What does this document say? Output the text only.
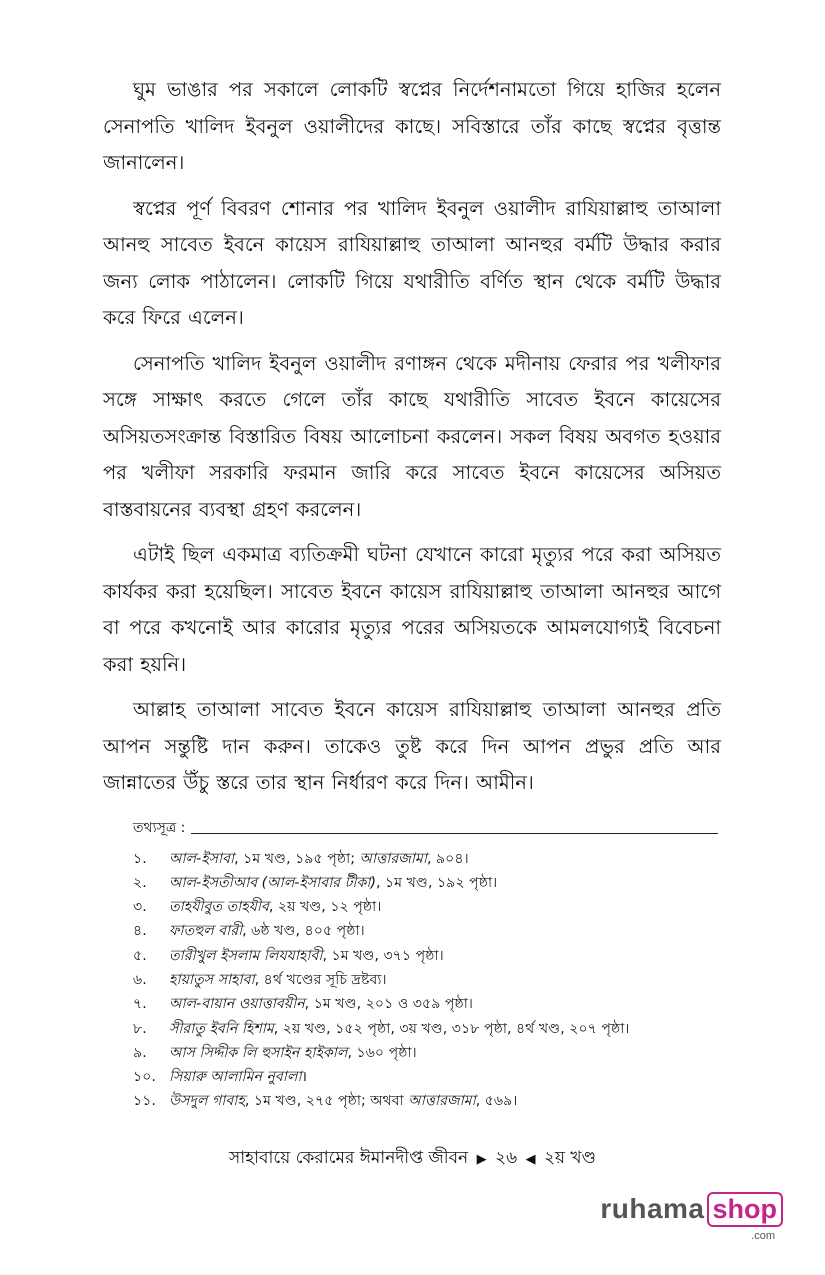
ঘুম ভাঙার পর সকালে লোকটি স্বপ্নের নির্দেশনামতো গিয়ে হাজির হলেন সেনাপতি খালিদ ইবনুল ওয়ালীদের কাছে। সবিস্তারে তাঁর কাছে স্বপ্নের বৃত্তান্ত জানালেন।

স্বপ্নের পূর্ণ বিবরণ শোনার পর খালিদ ইবনুল ওয়ালীদ রাযিয়াল্লাহু তাআলা আনহু সাবেত ইবনে কায়েস রাযিয়াল্লাহু তাআলা আনহুর বর্মটি উদ্ধার করার জন্য লোক পাঠালেন। লোকটি গিয়ে যথারীতি বর্ণিত স্থান থেকে বর্মটি উদ্ধার করে ফিরে এলেন।

সেনাপতি খালিদ ইবনুল ওয়ালীদ রণাঙ্গন থেকে মদীনায় ফেরার পর খলীফার সঙ্গে সাক্ষাৎ করতে গেলে তাঁর কাছে যথারীতি সাবেত ইবনে কায়েসের অসিয়তসংক্রান্ত বিস্তারিত বিষয় আলোচনা করলেন। সকল বিষয় অবগত হওয়ার পর খলীফা সরকারি ফরমান জারি করে সাবেত ইবনে কায়েসের অসিয়ত বাস্তবায়নের ব্যবস্থা গ্রহণ করলেন।

এটাই ছিল একমাত্র ব্যতিক্রমী ঘটনা যেখানে কারো মৃত্যুর পরে করা অসিয়ত কার্যকর করা হয়েছিল। সাবেত ইবনে কায়েস রাযিয়াল্লাহু তাআলা আনহুর আগে বা পরে কখনোই আর কারোর মৃত্যুর পরের অসিয়তকে আমলযোগ্যই বিবেচনা করা হয়নি।

আল্লাহ তাআলা সাবেত ইবনে কায়েস রাযিয়াল্লাহু তাআলা আনহুর প্রতি আপন সন্তুষ্টি দান করুন। তাকেও তুষ্ট করে দিন আপন প্রভুর প্রতি আর জান্নাতের উঁচু স্তরে তার স্থান নির্ধারণ করে দিন। আমীন।

তথ্যসূত্র :
১.	আল-ইসাবা, ১ম খণ্ড, ১৯৫ পৃষ্ঠা; আত্তারজামা, ৯০৪।
২.	আল-ইসতীআব (আল-ইসাবার টীকা), ১ম খণ্ড, ১৯২ পৃষ্ঠা।
৩.	তাহযীবুত তাহযীব, ২য় খণ্ড, ১২ পৃষ্ঠা।
৪.	ফাতহুল বারী, ৬ষ্ঠ খণ্ড, ৪০৫ পৃষ্ঠা।
৫.	তারীখুল ইসলাম লিযযাহাবী, ১ম খণ্ড, ৩৭১ পৃষ্ঠা।
৬.	হায়াতুস সাহাবা, ৪র্থ খণ্ডের সূচি দ্রষ্টব্য।
৭.	আল-বায়ান ওয়াত্তাবয়ীন, ১ম খণ্ড, ২০১ ও ৩৫৯ পৃষ্ঠা।
৮.	সীরাতু ইবনি হিশাম, ২য় খণ্ড, ১৫২ পৃষ্ঠা, ৩য় খণ্ড, ৩১৮ পৃষ্ঠা, ৪র্থ খণ্ড, ২০৭ পৃষ্ঠা।
৯.	আস সিদ্দীক লি হুসাইন হাইকাল, ১৬০ পৃষ্ঠা।
১০. সিয়ারু আলামিন নুবালা।
১১. উসদুল গাবাহ, ১ম খণ্ড, ২৭৫ পৃষ্ঠা; অথবা আত্তারজামা, ৫৬৯।
সাহাবায়ে কেরামের ঈমানদীপ্ত জীবন ▶ ২৬ ◀ ২য় খণ্ড
ruhama shop
.com
